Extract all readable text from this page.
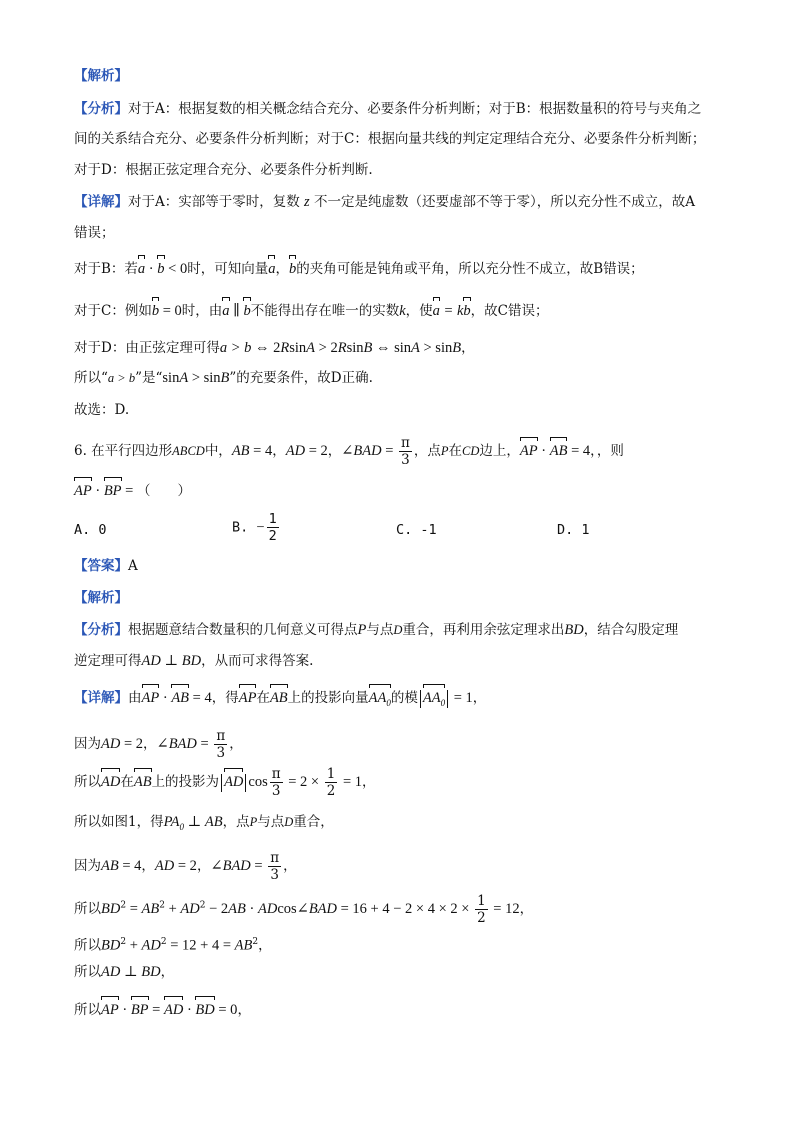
【解析】
【分析】对于A：根据复数的相关概念结合充分、必要条件分析判断；对于B：根据数量积的符号与夹角之
间的关系结合充分、必要条件分析判断；对于C：根据向量共线的判定定理结合充分、必要条件分析判断；
对于D：根据正弦定理合充分、必要条件分析判断.
【详解】对于A：实部等于零时，复数 z 不一定是纯虚数（还要虚部不等于零），所以充分性不成立，故A
错误；
对于B：若a · b < 0时，可知向量a，b的夹角可能是钝角或平角，所以充分性不成立，故B错误；
对于C：例如b = 0时，由a ∥ b不能得出存在唯一的实数k，使a = kb，故C错误；
对于D：由正弦定理可得a > b ⇔ 2RsinA > 2RsinB ⇔ sinA > sinB，
所以“a > b”是“sinA > sinB”的充要条件，故D正确.
故选：D.
6. 在平行四边形ABCD中，AB = 4，AD = 2，∠BAD = $\frac{\pi}{3}$ ，点P在CD边上，AP · AB = 4，，则
AP · BP = （　　）
A. 0	B. − $\frac{1}{2}$	C. -1	D. 1
【答案】A
【解析】
【分析】根据题意结合数量积的几何意义可得点P与点D重合，再利用余弦定理求出BD，结合勾股定理
逆定理可得AD ⊥ BD，从而可求得答案.
【详解】由AP · AB = 4，得AP在AB上的投影向量$AA_0$的模 $AA_0 = 1$，
因为AD = 2，∠BAD = $\frac{\pi}{3}$ ，
所以AD在AB上的投影为 AD $\cos \frac{\pi}{3} = 2 \times \frac{1}{2} = 1$，
所以如图1，得$PA_0$ ⊥ AB，点P与点D重合，
因为AB = 4，AD = 2，∠BAD = $\frac{\pi}{3}$ ，
所以$BD^2 = AB^2 + AD^2 - 2AB$ · ADcos∠BAD = $16 + 4 - 2 \times 4 \times 2 \times \frac{1}{2} = 12$，
所以$BD^2 + AD^2 = 12 + 4 = AB^2$，
所以AD ⊥ BD，
所以AP · BP = AD · BD = 0，
